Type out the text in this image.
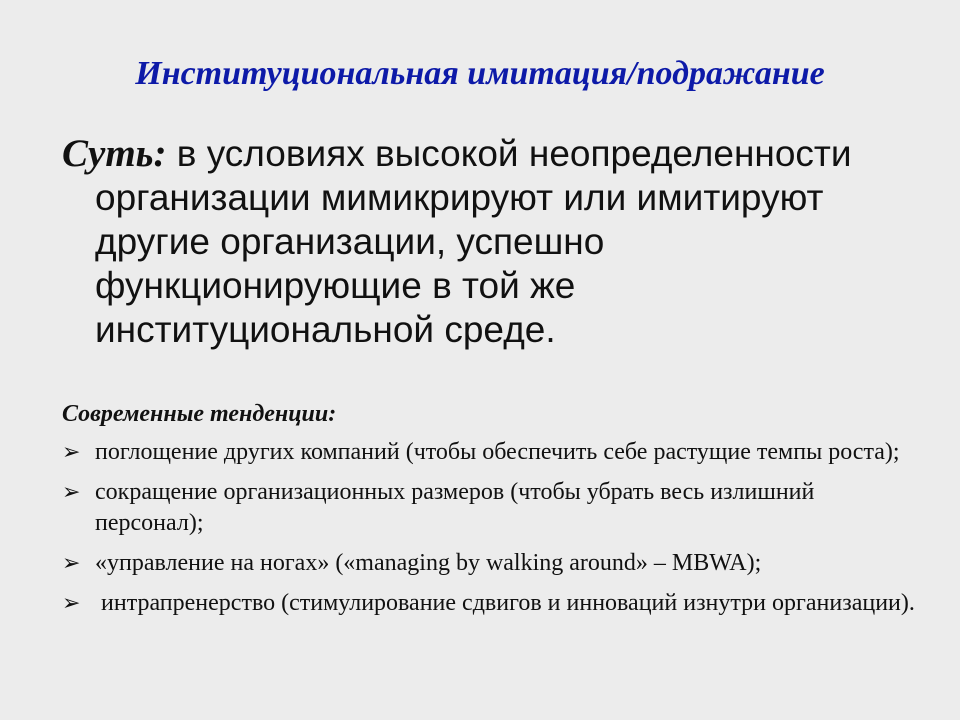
Институциональная имитация/подражание
Суть: в условиях высокой неопределенности
организации мимикрируют или имитируют
другие организации, успешно
функционирующие в той же
институциональной среде.
Современные тенденции:
➢ поглощение других компаний (чтобы обеспечить себе растущие темпы роста);
➢ сокращение организационных размеров (чтобы убрать весь излишний персонал);
➢ «управление на ногах» («managing by walking around» – MBWA);
➢ интрапренерство (стимулирование сдвигов и инноваций изнутри организации).
